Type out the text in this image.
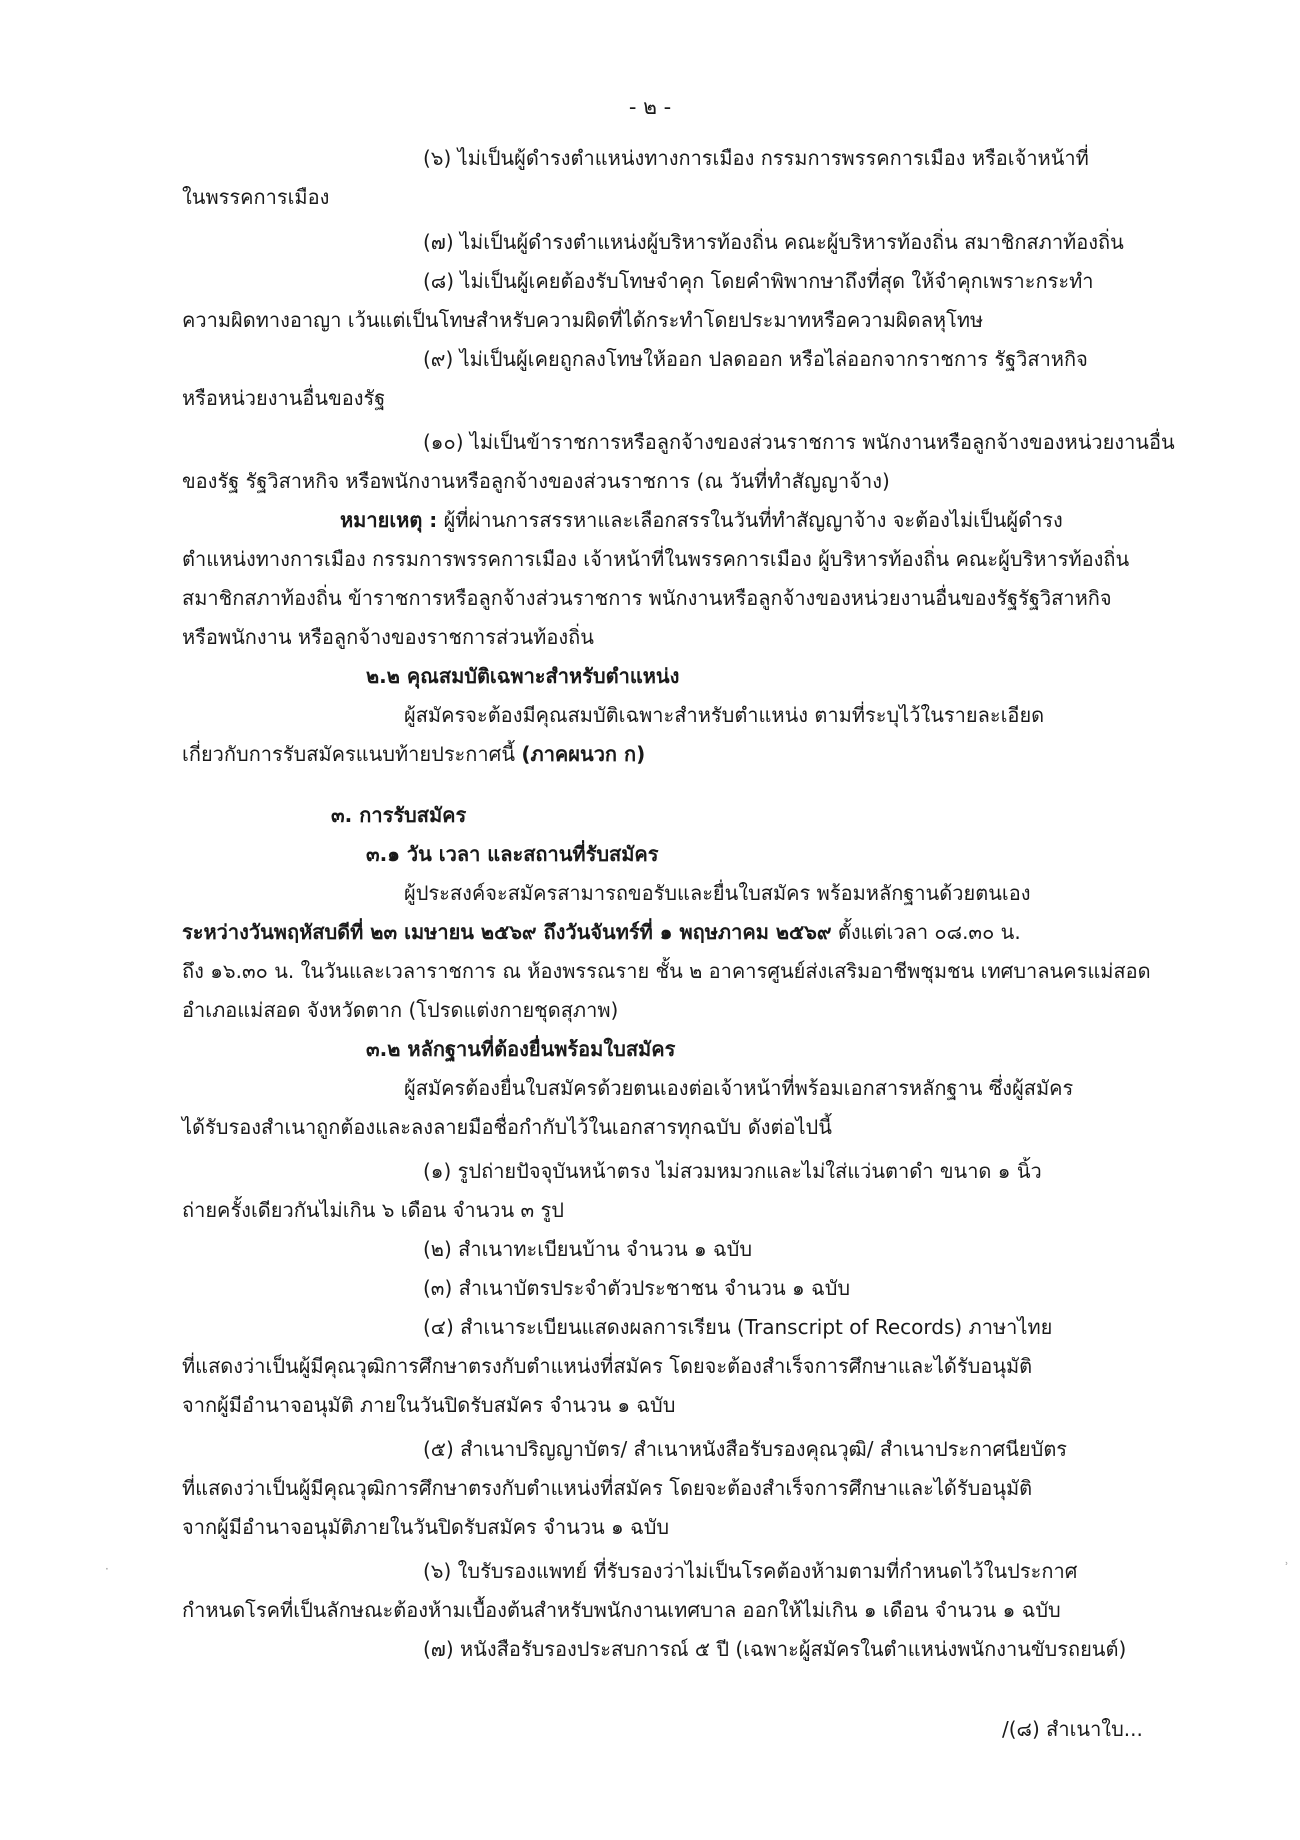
- ๒ -
(๖) ไม่เป็นผู้ดำรงตำแหน่งทางการเมือง กรรมการพรรคการเมือง หรือเจ้าหน้าที่
ในพรรคการเมือง
(๗) ไม่เป็นผู้ดำรงตำแหน่งผู้บริหารท้องถิ่น คณะผู้บริหารท้องถิ่น สมาชิกสภาท้องถิ่น
(๘) ไม่เป็นผู้เคยต้องรับโทษจำคุก โดยคำพิพากษาถึงที่สุด ให้จำคุกเพราะกระทำ
ความผิดทางอาญา เว้นแต่เป็นโทษสำหรับความผิดที่ได้กระทำโดยประมาทหรือความผิดลหุโทษ
(๙) ไม่เป็นผู้เคยถูกลงโทษให้ออก ปลดออก หรือไล่ออกจากราชการ รัฐวิสาหกิจ
หรือหน่วยงานอื่นของรัฐ
(๑๐) ไม่เป็นข้าราชการหรือลูกจ้างของส่วนราชการ พนักงานหรือลูกจ้างของหน่วยงานอื่น
ของรัฐ รัฐวิสาหกิจ หรือพนักงานหรือลูกจ้างของส่วนราชการ (ณ วันที่ทำสัญญาจ้าง)
หมายเหตุ : ผู้ที่ผ่านการสรรหาและเลือกสรรในวันที่ทำสัญญาจ้าง จะต้องไม่เป็นผู้ดำรง
ตำแหน่งทางการเมือง กรรมการพรรคการเมือง เจ้าหน้าที่ในพรรคการเมือง ผู้บริหารท้องถิ่น คณะผู้บริหารท้องถิ่น
สมาชิกสภาท้องถิ่น ข้าราชการหรือลูกจ้างส่วนราชการ พนักงานหรือลูกจ้างของหน่วยงานอื่นของรัฐรัฐวิสาหกิจ
หรือพนักงาน หรือลูกจ้างของราชการส่วนท้องถิ่น
๒.๒ คุณสมบัติเฉพาะสำหรับตำแหน่ง
ผู้สมัครจะต้องมีคุณสมบัติเฉพาะสำหรับตำแหน่ง ตามที่ระบุไว้ในรายละเอียด
เกี่ยวกับการรับสมัครแนบท้ายประกาศนี้ (ภาคผนวก ก)
๓. การรับสมัคร
๓.๑ วัน เวลา และสถานที่รับสมัคร
ผู้ประสงค์จะสมัครสามารถขอรับและยื่นใบสมัคร พร้อมหลักฐานด้วยตนเอง
ระหว่างวันพฤหัสบดีที่ ๒๓ เมษายน ๒๕๖๙ ถึงวันจันทร์ที่ ๑ พฤษภาคม ๒๕๖๙ ตั้งแต่เวลา ๐๘.๓๐ น.
ถึง ๑๖.๓๐ น. ในวันและเวลาราชการ ณ ห้องพรรณราย ชั้น ๒ อาคารศูนย์ส่งเสริมอาชีพชุมชน เทศบาลนครแม่สอด
อำเภอแม่สอด จังหวัดตาก (โปรดแต่งกายชุดสุภาพ)
๓.๒ หลักฐานที่ต้องยื่นพร้อมใบสมัคร
ผู้สมัครต้องยื่นใบสมัครด้วยตนเองต่อเจ้าหน้าที่พร้อมเอกสารหลักฐาน ซึ่งผู้สมัคร
ได้รับรองสำเนาถูกต้องและลงลายมือชื่อกำกับไว้ในเอกสารทุกฉบับ ดังต่อไปนี้
(๑) รูปถ่ายปัจจุบันหน้าตรง ไม่สวมหมวกและไม่ใส่แว่นตาดำ ขนาด ๑ นิ้ว
ถ่ายครั้งเดียวกันไม่เกิน ๖ เดือน จำนวน ๓ รูป
(๒) สำเนาทะเบียนบ้าน จำนวน ๑ ฉบับ
(๓) สำเนาบัตรประจำตัวประชาชน จำนวน ๑ ฉบับ
(๔) สำเนาระเบียนแสดงผลการเรียน (Transcript of Records) ภาษาไทย
ที่แสดงว่าเป็นผู้มีคุณวุฒิการศึกษาตรงกับตำแหน่งที่สมัคร โดยจะต้องสำเร็จการศึกษาและได้รับอนุมัติ
จากผู้มีอำนาจอนุมัติ ภายในวันปิดรับสมัคร จำนวน ๑ ฉบับ
(๕) สำเนาปริญญาบัตร/ สำเนาหนังสือรับรองคุณวุฒิ/ สำเนาประกาศนียบัตร
ที่แสดงว่าเป็นผู้มีคุณวุฒิการศึกษาตรงกับตำแหน่งที่สมัคร โดยจะต้องสำเร็จการศึกษาและได้รับอนุมัติ
จากผู้มีอำนาจอนุมัติภายในวันปิดรับสมัคร จำนวน ๑ ฉบับ
(๖) ใบรับรองแพทย์ ที่รับรองว่าไม่เป็นโรคต้องห้ามตามที่กำหนดไว้ในประกาศ
กำหนดโรคที่เป็นลักษณะต้องห้ามเบื้องต้นสำหรับพนักงานเทศบาล ออกให้ไม่เกิน ๑ เดือน จำนวน ๑ ฉบับ
(๗) หนังสือรับรองประสบการณ์ ๕ ปี (เฉพาะผู้สมัครในตำแหน่งพนักงานขับรถยนต์)
/(๘) สำเนาใบ...
·	ʾ
